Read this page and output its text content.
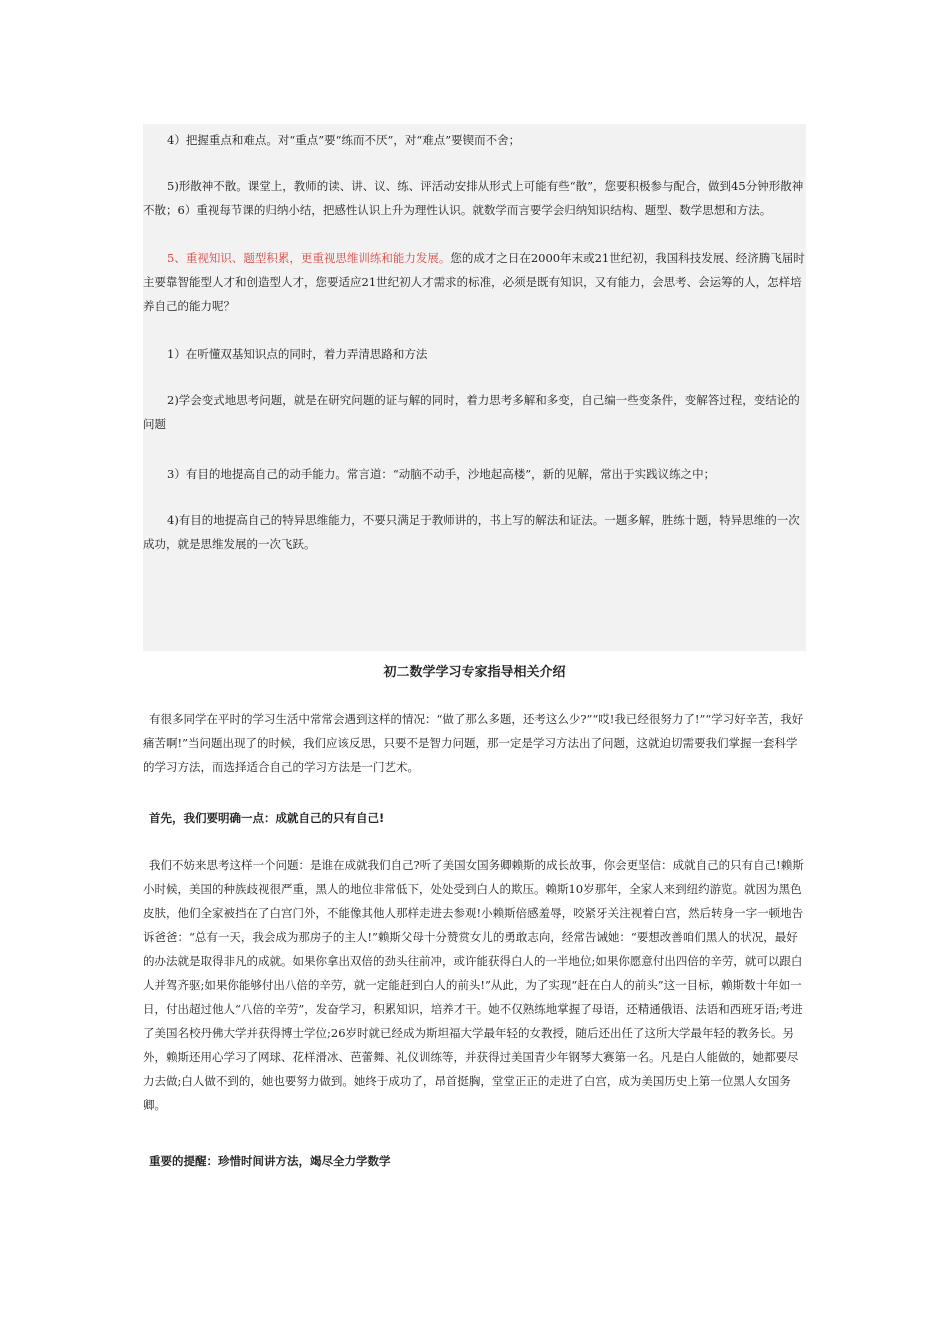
4）把握重点和难点。对“重点”要“练而不厌”，对“难点”要锲而不舍；

5)形散神不散。课堂上，教师的读、讲、议、练、评活动安排从形式上可能有些“散”，您要积极参与配合，做到45分钟形散神不散；6）重视每节课的归纳小结，把感性认识上升为理性认识。就数学而言要学会归纳知识结构、题型、数学思想和方法。

5、重视知识、题型积累，更重视思维训练和能力发展。您的成才之日在2000年末或21世纪初，我国科技发展、经济腾飞届时主要靠智能型人才和创造型人才，您要适应21世纪初人才需求的标准，必须是既有知识，又有能力，会思考、会运筹的人，怎样培养自己的能力呢？

1）在听懂双基知识点的同时，着力弄清思路和方法

2)学会变式地思考问题，就是在研究问题的证与解的同时，着力思考多解和多变，自己编一些变条件，变解答过程，变结论的问题

3）有目的地提高自己的动手能力。常言道：“动脑不动手，沙地起高楼”，新的见解，常出于实践议练之中；

4)有目的地提高自己的特异思维能力，不要只满足于教师讲的，书上写的解法和证法。一题多解，胜练十题，特异思维的一次成功，就是思维发展的一次飞跃。

初二数学学习专家指导相关介绍

有很多同学在平时的学习生活中常常会遇到这样的情况：“做了那么多题，还考这么少?”“哎!我已经很努力了!”“学习好辛苦，我好痛苦啊!”当问题出现了的时候，我们应该反思，只要不是智力问题，那一定是学习方法出了问题，这就迫切需要我们掌握一套科学的学习方法，而选择适合自己的学习方法是一门艺术。

首先，我们要明确一点：成就自己的只有自己!

我们不妨来思考这样一个问题：是谁在成就我们自己?听了美国女国务卿赖斯的成长故事，你会更坚信：成就自己的只有自己!赖斯小时候，美国的种族歧视很严重，黑人的地位非常低下，处处受到白人的欺压。赖斯10岁那年，全家人来到纽约游览。就因为黑色皮肤，他们全家被挡在了白宫门外，不能像其他人那样走进去参观!小赖斯倍感羞辱，咬紧牙关注视着白宫，然后转身一字一顿地告诉爸爸：“总有一天，我会成为那房子的主人!”赖斯父母十分赞赏女儿的勇敢志向，经常告诫她：“要想改善咱们黑人的状况，最好的办法就是取得非凡的成就。如果你拿出双倍的劲头往前冲，或许能获得白人的一半地位;如果你愿意付出四倍的辛劳，就可以跟白人并驾齐驱;如果你能够付出八倍的辛劳，就一定能赶到白人的前头!”从此，为了实现“赶在白人的前头”这一目标，赖斯数十年如一日，付出超过他人“八倍的辛劳”，发奋学习，积累知识，培养才干。她不仅熟练地掌握了母语，还精通俄语、法语和西班牙语;考进了美国名校丹佛大学并获得博士学位;26岁时就已经成为斯坦福大学最年轻的女教授，随后还出任了这所大学最年轻的教务长。另外，赖斯还用心学习了网球、花样滑冰、芭蕾舞、礼仪训练等，并获得过美国青少年钢琴大赛第一名。凡是白人能做的，她都要尽力去做;白人做不到的，她也要努力做到。她终于成功了，昂首挺胸，堂堂正正的走进了白宫，成为美国历史上第一位黑人女国务卿。

重要的提醒：珍惜时间讲方法，竭尽全力学数学
